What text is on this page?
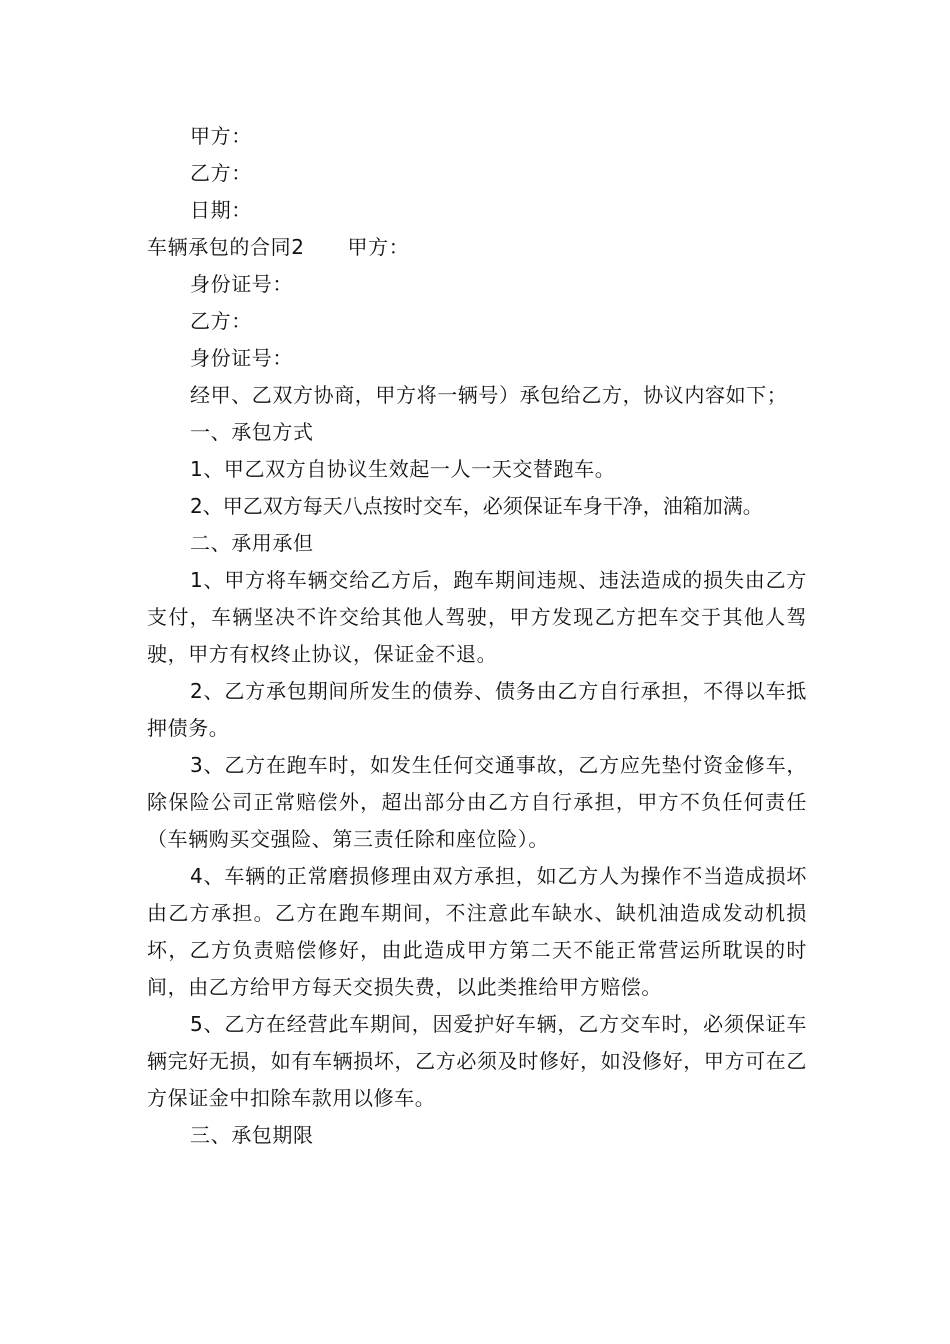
甲方：
乙方：
日期：
车辆承包的合同2 甲方：
身份证号：
乙方：
身份证号：
经甲、乙双方协商，甲方将一辆号）承包给乙方，协议内容如下；
一、承包方式
1、甲乙双方自协议生效起一人一天交替跑车。
2、甲乙双方每天八点按时交车，必须保证车身干净，油箱加满。
二、承用承但
1、甲方将车辆交给乙方后，跑车期间违规、违法造成的损失由乙方支付，车辆坚决不许交给其他人驾驶，甲方发现乙方把车交于其他人驾驶，甲方有权终止协议，保证金不退。
2、乙方承包期间所发生的债券、债务由乙方自行承担，不得以车抵押债务。
3、乙方在跑车时，如发生任何交通事故，乙方应先垫付资金修车，除保险公司正常赔偿外，超出部分由乙方自行承担，甲方不负任何责任（车辆购买交强险、第三责任除和座位险）。
4、车辆的正常磨损修理由双方承担，如乙方人为操作不当造成损坏由乙方承担。乙方在跑车期间，不注意此车缺水、缺机油造成发动机损坏，乙方负责赔偿修好，由此造成甲方第二天不能正常营运所耽误的时间，由乙方给甲方每天交损失费，以此类推给甲方赔偿。
5、乙方在经营此车期间，因爱护好车辆，乙方交车时，必须保证车辆完好无损，如有车辆损坏，乙方必须及时修好，如没修好，甲方可在乙方保证金中扣除车款用以修车。
三、承包期限
